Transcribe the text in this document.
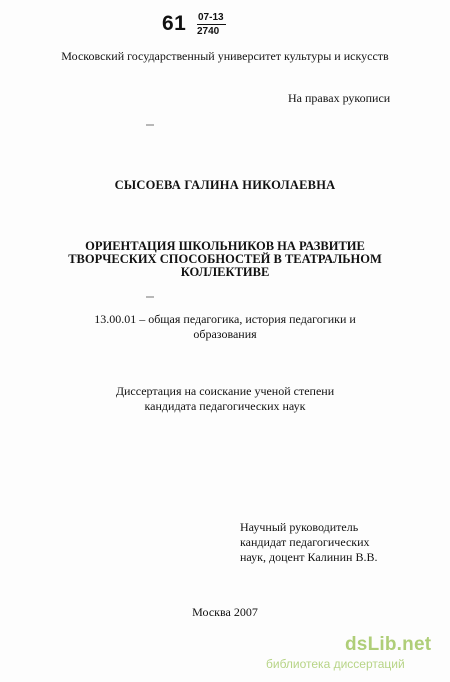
61 07-13
2740
Московский государственный университет культуры и искусств
На правах рукописи
СЫСОЕВА ГАЛИНА НИКОЛАЕВНА
ОРИЕНТАЦИЯ ШКОЛЬНИКОВ НА РАЗВИТИЕ
ТВОРЧЕСКИХ СПОСОБНОСТЕЙ В ТЕАТРАЛЬНОМ
КОЛЛЕКТИВЕ
13.00.01 – общая педагогика, история педагогики и
образования
Диссертация на соискание ученой степени
кандидата педагогических наук
Научный руководитель
кандидат педагогических
наук, доцент Калинин В.В.
Москва 2007
dsLib.net
библиотека диссертаций
